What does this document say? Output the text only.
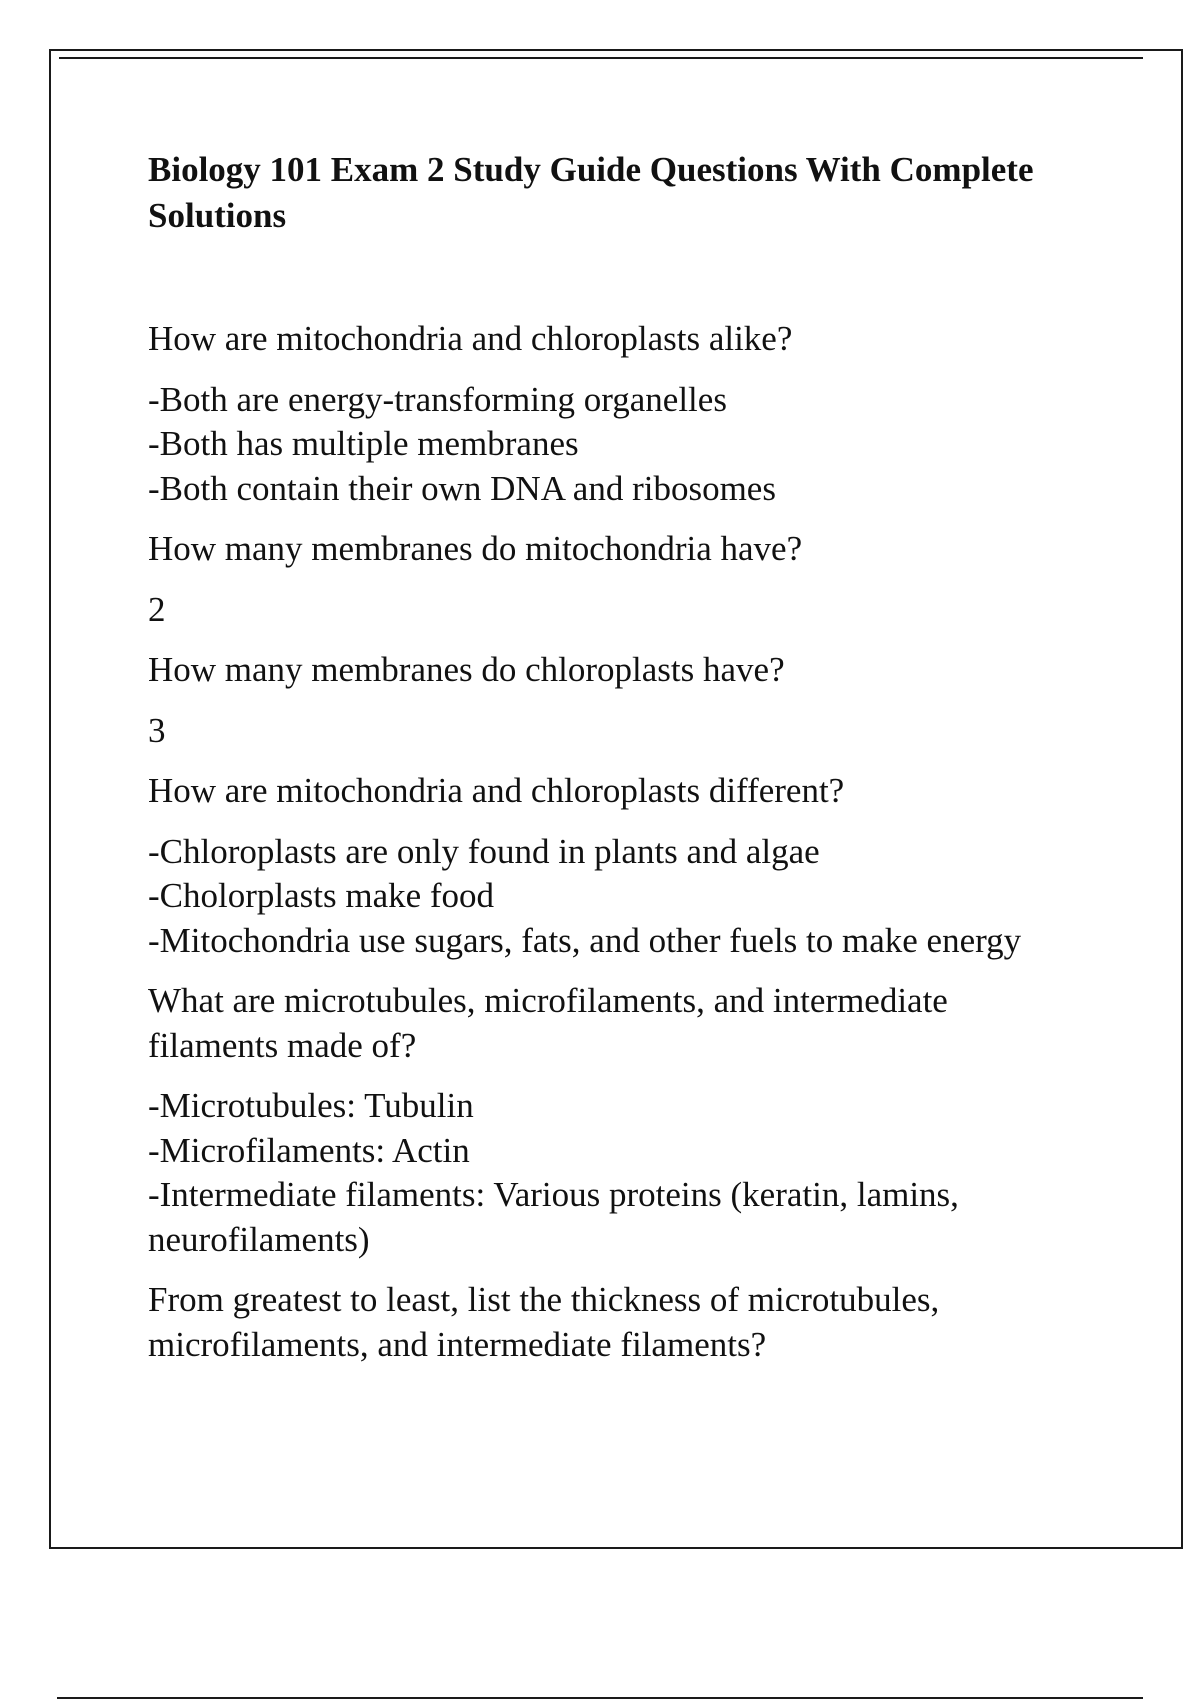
Biology 101 Exam 2 Study Guide Questions With Complete Solutions
How are mitochondria and chloroplasts alike?
-Both are energy-transforming organelles
-Both has multiple membranes
-Both contain their own DNA and ribosomes
How many membranes do mitochondria have?
2
How many membranes do chloroplasts have?
3
How are mitochondria and chloroplasts different?
-Chloroplasts are only found in plants and algae
-Cholorplasts make food
-Mitochondria use sugars, fats, and other fuels to make energy
What are microtubules, microfilaments, and intermediate
filaments made of?
-Microtubules: Tubulin
-Microfilaments: Actin
-Intermediate filaments: Various proteins (keratin, lamins,
neurofilaments)
From greatest to least, list the thickness of microtubules,
microfilaments, and intermediate filaments?
